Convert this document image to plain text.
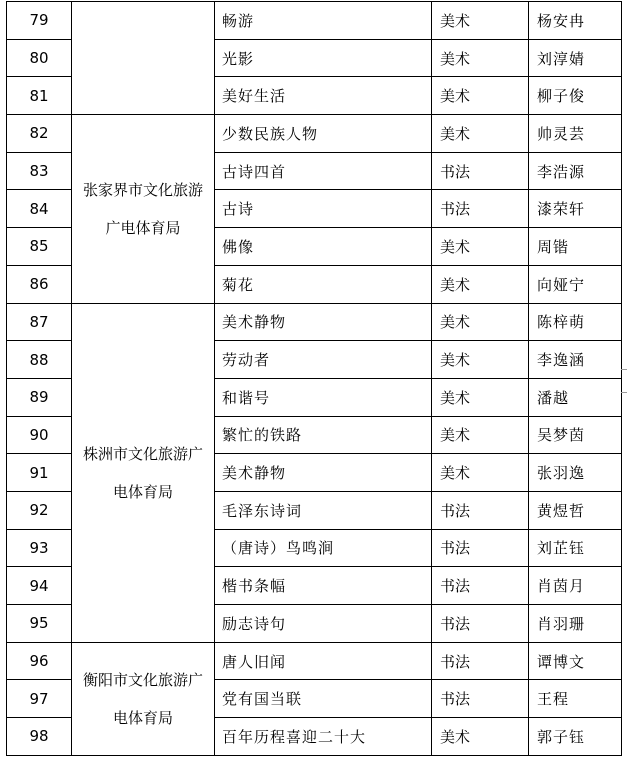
79		畅游	美术	杨安冉
80		光影	美术	刘淳婧
81		美好生活	美术	柳子俊
82	张家界市文化旅游广电体育局	少数民族人物	美术	帅灵芸
83		古诗四首	书法	李浩源
84		古诗	书法	漆荣轩
85		佛像	美术	周锴
86		菊花	美术	向娅宁
87	株洲市文化旅游广电体育局	美术静物	美术	陈梓萌
88		劳动者	美术	李逸涵
89		和谐号	美术	潘越
90		繁忙的铁路	美术	吴梦茵
91		美术静物	美术	张羽逸
92		毛泽东诗词	书法	黄煜哲
93		（唐诗）鸟鸣涧	书法	刘芷钰
94		楷书条幅	书法	肖茵月
95		励志诗句	书法	肖羽珊
96	衡阳市文化旅游广电体育局	唐人旧闻	书法	谭博文
97		党有国当联	书法	王程
98		百年历程喜迎二十大	美术	郭子钰
